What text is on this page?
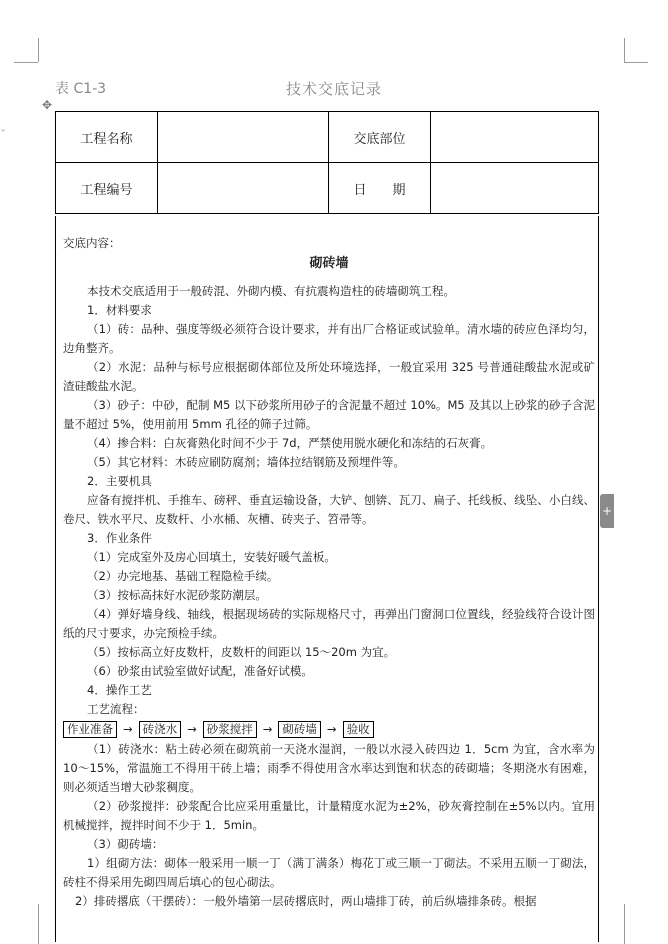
ˇ
表 C1-3	技术交底记录
✥
+
工程名称		交底部位	
工程编号		日　　期	
交底内容：
砌砖墙
本技术交底适用于一般砖混、外砌内模、有抗震构造柱的砖墙砌筑工程。
1．材料要求
（1）砖：品种、强度等级必须符合设计要求，并有出厂合格证或试验单。清水墙的砖应色泽均匀，边角整齐。
（2）水泥：品种与标号应根据砌体部位及所处环境选择，一般宜采用 325 号普通硅酸盐水泥或矿渣硅酸盐水泥。
（3）砂子：中砂，配制 M5 以下砂浆所用砂子的含泥量不超过 10%。M5 及其以上砂浆的砂子含泥量不超过 5%，使用前用 5mm 孔径的筛子过筛。
（4）掺合料：白灰膏熟化时间不少于 7d，严禁使用脱水硬化和冻结的石灰膏。
（5）其它材料：木砖应刷防腐剂；墙体拉结钢筋及预埋件等。
2．主要机具
应备有搅拌机、手推车、磅秤、垂直运输设备，大铲、刨锛、瓦刀、扁子、托线板、线坠、小白线、卷尺、铁水平尺、皮数杆、小水桶、灰槽、砖夹子、笤帚等。
3．作业条件
（1）完成室外及房心回填土，安装好暖气盖板。
（2）办完地基、基础工程隐检手续。
（3）按标高抹好水泥砂浆防潮层。
（4）弹好墙身线、轴线，根据现场砖的实际规格尺寸，再弹出门窗洞口位置线，经验线符合设计图纸的尺寸要求，办完预检手续。
（5）按标高立好皮数杆，皮数杆的间距以 15～20m 为宜。
（6）砂浆由试验室做好试配，准备好试模。
4．操作工艺
工艺流程：
作业准备 → 砖浇水 → 砂浆搅拌 → 砌砖墙 → 验收
（1）砖浇水：粘土砖必须在砌筑前一天浇水湿润，一般以水浸入砖四边 1．5cm 为宜，含水率为 10～15%，常温施工不得用干砖上墙；雨季不得使用含水率达到饱和状态的砖砌墙；冬期浇水有困难，则必须适当增大砂浆稠度。
（2）砂浆搅拌：砂浆配合比应采用重量比，计量精度水泥为±2%，砂灰膏控制在±5%以内。宜用机械搅拌，搅拌时间不少于 1．5min。
（3）砌砖墙：
1）组砌方法：砌体一般采用一顺一丁（满丁满条）梅花丁或三顺一丁砌法。不采用五顺一丁砌法，砖柱不得采用先砌四周后填心的包心砌法。
2）排砖撂底（干摆砖）：一般外墙第一层砖撂底时，两山墙排丁砖，前后纵墙排条砖。根据
